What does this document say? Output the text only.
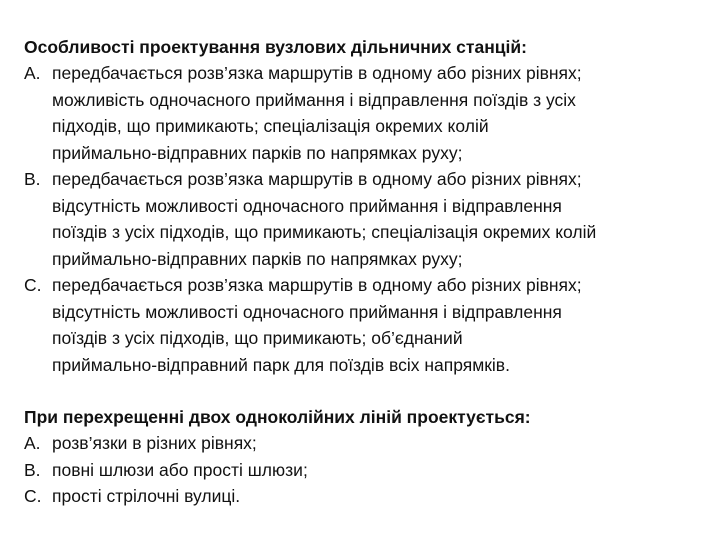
Особливості проектування вузлових дільничних станцій:
A. передбачається розв’язка маршрутів в одному або різних рівнях;
можливість одночасного приймання і відправлення поїздів з усіх
підходів, що примикають; спеціалізація окремих колій
приймально-відправних парків по напрямках руху;
B. передбачається розв’язка маршрутів в одному або різних рівнях;
відсутність можливості одночасного приймання і відправлення
поїздів з усіх підходів, що примикають; спеціалізація окремих колій
приймально-відправних парків по напрямках руху;
C. передбачається розв’язка маршрутів в одному або різних рівнях;
відсутність можливості одночасного приймання і відправлення
поїздів з усіх підходів, що примикають; об’єднаний
приймально-відправний парк для поїздів всіх напрямків.
При перехрещенні двох одноколійних ліній проектується:
A. розв’язки в різних рівнях;
B. повні шлюзи або прості шлюзи;
C. прості стрілочні вулиці.
